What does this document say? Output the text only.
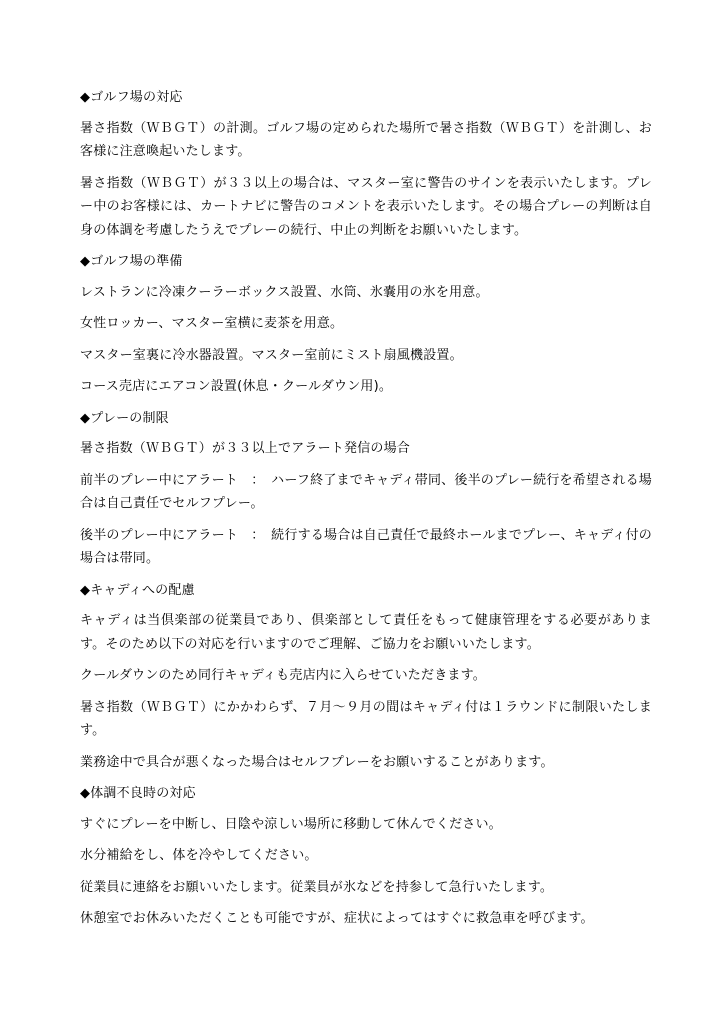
◆ゴルフ場の対応

暑さ指数（ＷＢＧＴ）の計測。ゴルフ場の定められた場所で暑さ指数（ＷＢＧＴ）を計測し、お客様に注意喚起いたします。

暑さ指数（ＷＢＧＴ）が３３以上の場合は、マスター室に警告のサインを表示いたします。プレー中のお客様には、カートナビに警告のコメントを表示いたします。その場合プレーの判断は自身の体調を考慮したうえでプレーの続行、中止の判断をお願いいたします。

◆ゴルフ場の準備

レストランに冷凍クーラーボックス設置、水筒、氷嚢用の氷を用意。

女性ロッカー、マスター室横に麦茶を用意。

マスター室裏に冷水器設置。マスター室前にミスト扇風機設置。

コース売店にエアコン設置(休息・クールダウン用)。

◆プレーの制限

暑さ指数（ＷＢＧＴ）が３３以上でアラート発信の場合

前半のプレー中にアラート　：　ハーフ終了までキャディ帯同、後半のプレー続行を希望される場合は自己責任でセルフプレー。

後半のプレー中にアラート　：　続行する場合は自己責任で最終ホールまでプレー、キャディ付の場合は帯同。

◆キャディへの配慮

キャディは当倶楽部の従業員であり、倶楽部として責任をもって健康管理をする必要があります。そのため以下の対応を行いますのでご理解、ご協力をお願いいたします。

クールダウンのため同行キャディも売店内に入らせていただきます。

暑さ指数（ＷＢＧＴ）にかかわらず、７月～９月の間はキャディ付は１ラウンドに制限いたします。

業務途中で具合が悪くなった場合はセルフプレーをお願いすることがあります。

◆体調不良時の対応

すぐにプレーを中断し、日陰や涼しい場所に移動して休んでください。

水分補給をし、体を冷やしてください。

従業員に連絡をお願いいたします。従業員が氷などを持参して急行いたします。

休憩室でお休みいただくことも可能ですが、症状によってはすぐに救急車を呼びます。
